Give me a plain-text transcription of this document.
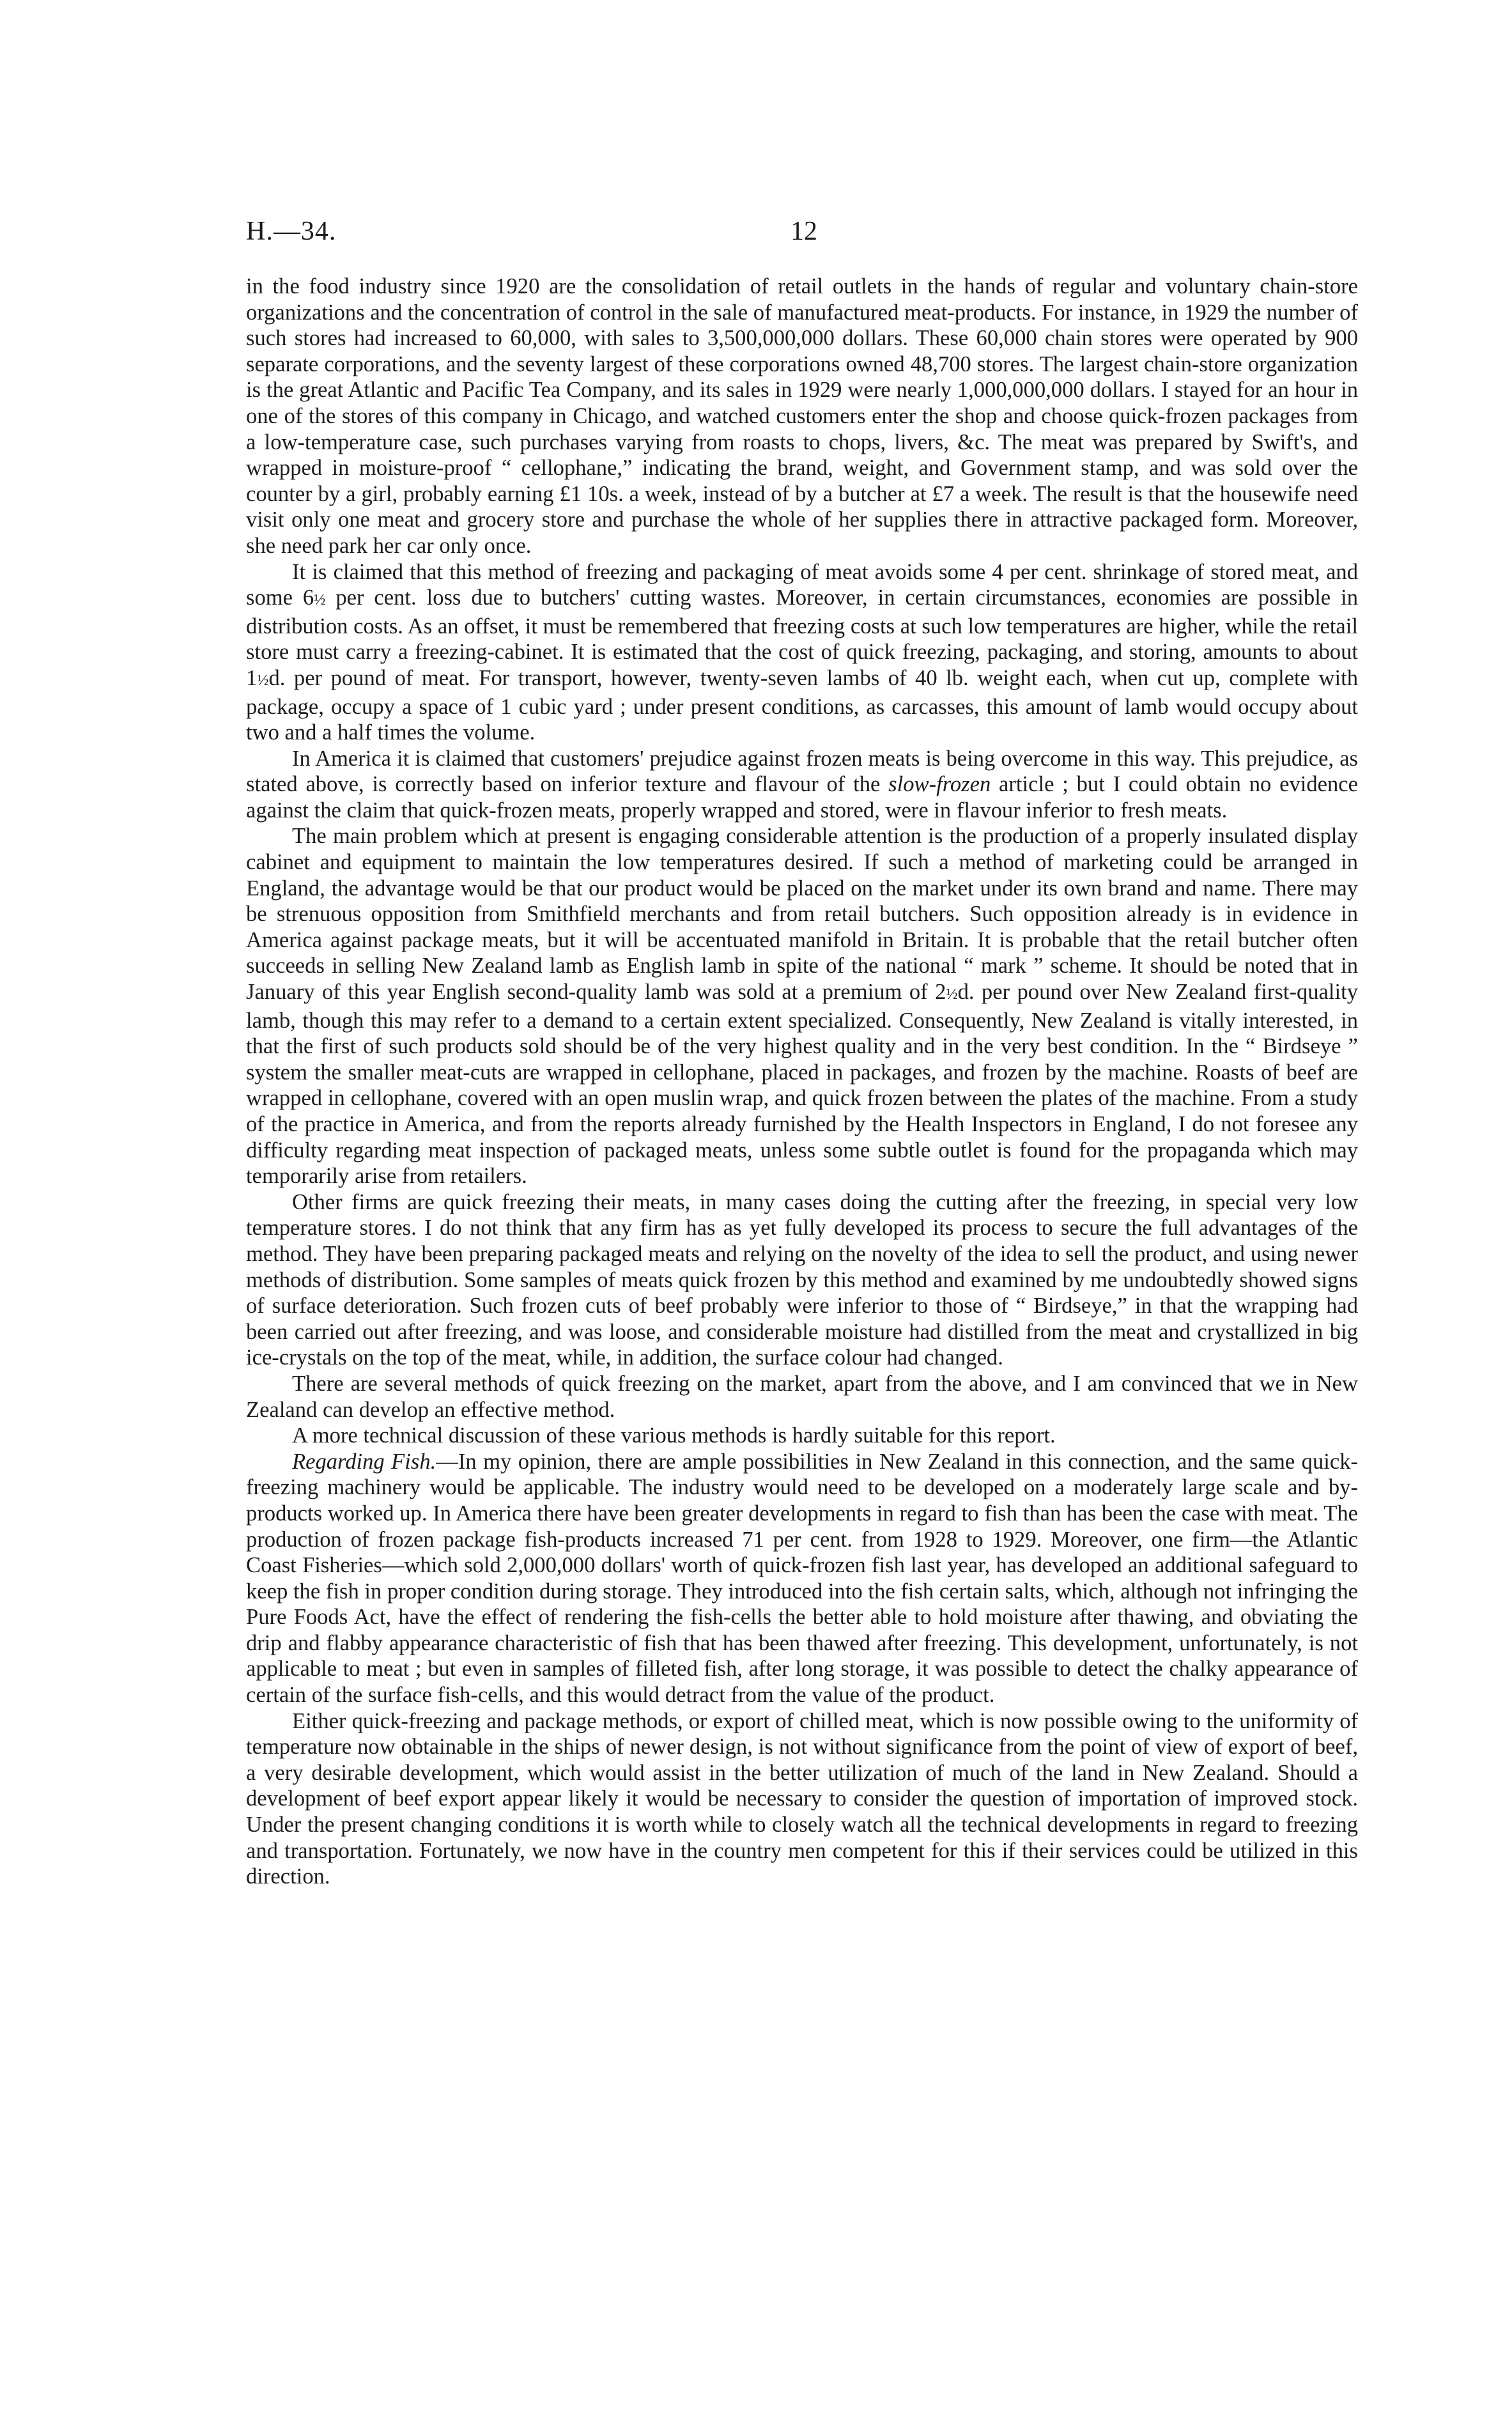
H.—34.	12

in the food industry since 1920 are the consolidation of retail outlets in the hands of regular and voluntary chain-store organizations and the concentration of control in the sale of manufactured meat-products. For instance, in 1929 the number of such stores had increased to 60,000, with sales to 3,500,000,000 dollars. These 60,000 chain stores were operated by 900 separate corporations, and the seventy largest of these corporations owned 48,700 stores. The largest chain-store organization is the great Atlantic and Pacific Tea Company, and its sales in 1929 were nearly 1,000,000,000 dollars. I stayed for an hour in one of the stores of this company in Chicago, and watched customers enter the shop and choose quick-frozen packages from a low-temperature case, such purchases varying from roasts to chops, livers, &c. The meat was prepared by Swift's, and wrapped in moisture-proof “ cellophane,” indicating the brand, weight, and Government stamp, and was sold over the counter by a girl, probably earning £1 10s. a week, instead of by a butcher at £7 a week. The result is that the housewife need visit only one meat and grocery store and purchase the whole of her supplies there in attractive packaged form. Moreover, she need park her car only once.

It is claimed that this method of freezing and packaging of meat avoids some 4 per cent. shrinkage of stored meat, and some 6½ per cent. loss due to butchers' cutting wastes. Moreover, in certain circumstances, economies are possible in distribution costs. As an offset, it must be remembered that freezing costs at such low temperatures are higher, while the retail store must carry a freezing-cabinet. It is estimated that the cost of quick freezing, packaging, and storing, amounts to about 1½d. per pound of meat. For transport, however, twenty-seven lambs of 40 lb. weight each, when cut up, complete with package, occupy a space of 1 cubic yard ; under present conditions, as carcasses, this amount of lamb would occupy about two and a half times the volume.

In America it is claimed that customers' prejudice against frozen meats is being overcome in this way. This prejudice, as stated above, is correctly based on inferior texture and flavour of the slow-frozen article ; but I could obtain no evidence against the claim that quick-frozen meats, properly wrapped and stored, were in flavour inferior to fresh meats.

The main problem which at present is engaging considerable attention is the production of a properly insulated display cabinet and equipment to maintain the low temperatures desired. If such a method of marketing could be arranged in England, the advantage would be that our product would be placed on the market under its own brand and name. There may be strenuous opposition from Smithfield merchants and from retail butchers. Such opposition already is in evidence in America against package meats, but it will be accentuated manifold in Britain. It is probable that the retail butcher often succeeds in selling New Zealand lamb as English lamb in spite of the national “ mark ” scheme. It should be noted that in January of this year English second-quality lamb was sold at a premium of 2½d. per pound over New Zealand first-quality lamb, though this may refer to a demand to a certain extent specialized. Consequently, New Zealand is vitally interested, in that the first of such products sold should be of the very highest quality and in the very best condition. In the “ Birdseye ” system the smaller meat-cuts are wrapped in cellophane, placed in packages, and frozen by the machine. Roasts of beef are wrapped in cellophane, covered with an open muslin wrap, and quick frozen between the plates of the machine. From a study of the practice in America, and from the reports already furnished by the Health Inspectors in England, I do not foresee any difficulty regarding meat inspection of packaged meats, unless some subtle outlet is found for the propaganda which may temporarily arise from retailers.

Other firms are quick freezing their meats, in many cases doing the cutting after the freezing, in special very low temperature stores. I do not think that any firm has as yet fully developed its process to secure the full advantages of the method. They have been preparing packaged meats and relying on the novelty of the idea to sell the product, and using newer methods of distribution. Some samples of meats quick frozen by this method and examined by me undoubtedly showed signs of surface deterioration. Such frozen cuts of beef probably were inferior to those of “ Birdseye,” in that the wrapping had been carried out after freezing, and was loose, and considerable moisture had distilled from the meat and crystallized in big ice-crystals on the top of the meat, while, in addition, the surface colour had changed.

There are several methods of quick freezing on the market, apart from the above, and I am convinced that we in New Zealand can develop an effective method.

A more technical discussion of these various methods is hardly suitable for this report.

Regarding Fish.—In my opinion, there are ample possibilities in New Zealand in this connection, and the same quick-freezing machinery would be applicable. The industry would need to be developed on a moderately large scale and by-products worked up. In America there have been greater developments in regard to fish than has been the case with meat. The production of frozen package fish-products increased 71 per cent. from 1928 to 1929. Moreover, one firm—the Atlantic Coast Fisheries—which sold 2,000,000 dollars' worth of quick-frozen fish last year, has developed an additional safeguard to keep the fish in proper condition during storage. They introduced into the fish certain salts, which, although not infringing the Pure Foods Act, have the effect of rendering the fish-cells the better able to hold moisture after thawing, and obviating the drip and flabby appearance characteristic of fish that has been thawed after freezing. This development, unfortunately, is not applicable to meat ; but even in samples of filleted fish, after long storage, it was possible to detect the chalky appearance of certain of the surface fish-cells, and this would detract from the value of the product.

Either quick-freezing and package methods, or export of chilled meat, which is now possible owing to the uniformity of temperature now obtainable in the ships of newer design, is not without significance from the point of view of export of beef, a very desirable development, which would assist in the better utilization of much of the land in New Zealand. Should a development of beef export appear likely it would be necessary to consider the question of importation of improved stock. Under the present changing conditions it is worth while to closely watch all the technical developments in regard to freezing and transportation. Fortunately, we now have in the country men competent for this if their services could be utilized in this direction.
